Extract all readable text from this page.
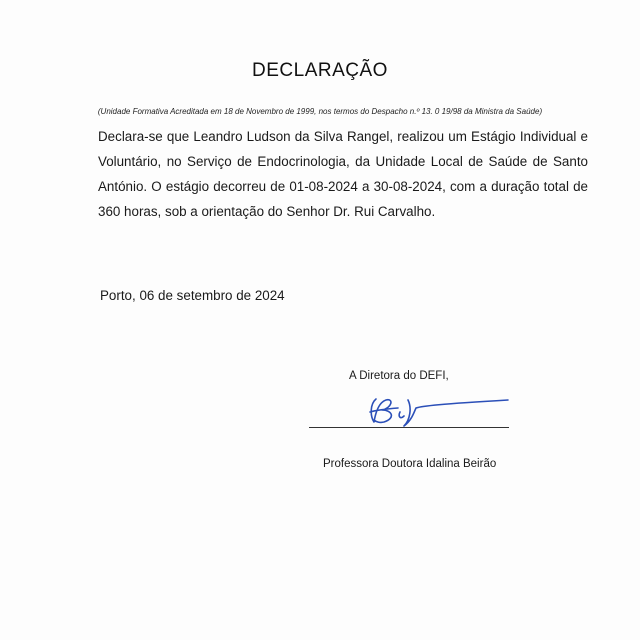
DECLARAÇÃO
(Unidade Formativa Acreditada em 18 de Novembro de 1999, nos termos do Despacho n.º 13. 0 19/98 da Ministra da Saúde)
Declara-se que Leandro Ludson da Silva Rangel, realizou um Estágio Individual e Voluntário, no Serviço de Endocrinologia, da Unidade Local de Saúde de Santo António. O estágio decorreu de 01-08-2024 a 30-08-2024, com a duração total de 360 horas, sob a orientação do Senhor Dr. Rui Carvalho.
Porto, 06 de setembro de 2024
A Diretora do DEFI,
Professora Doutora Idalina Beirão
